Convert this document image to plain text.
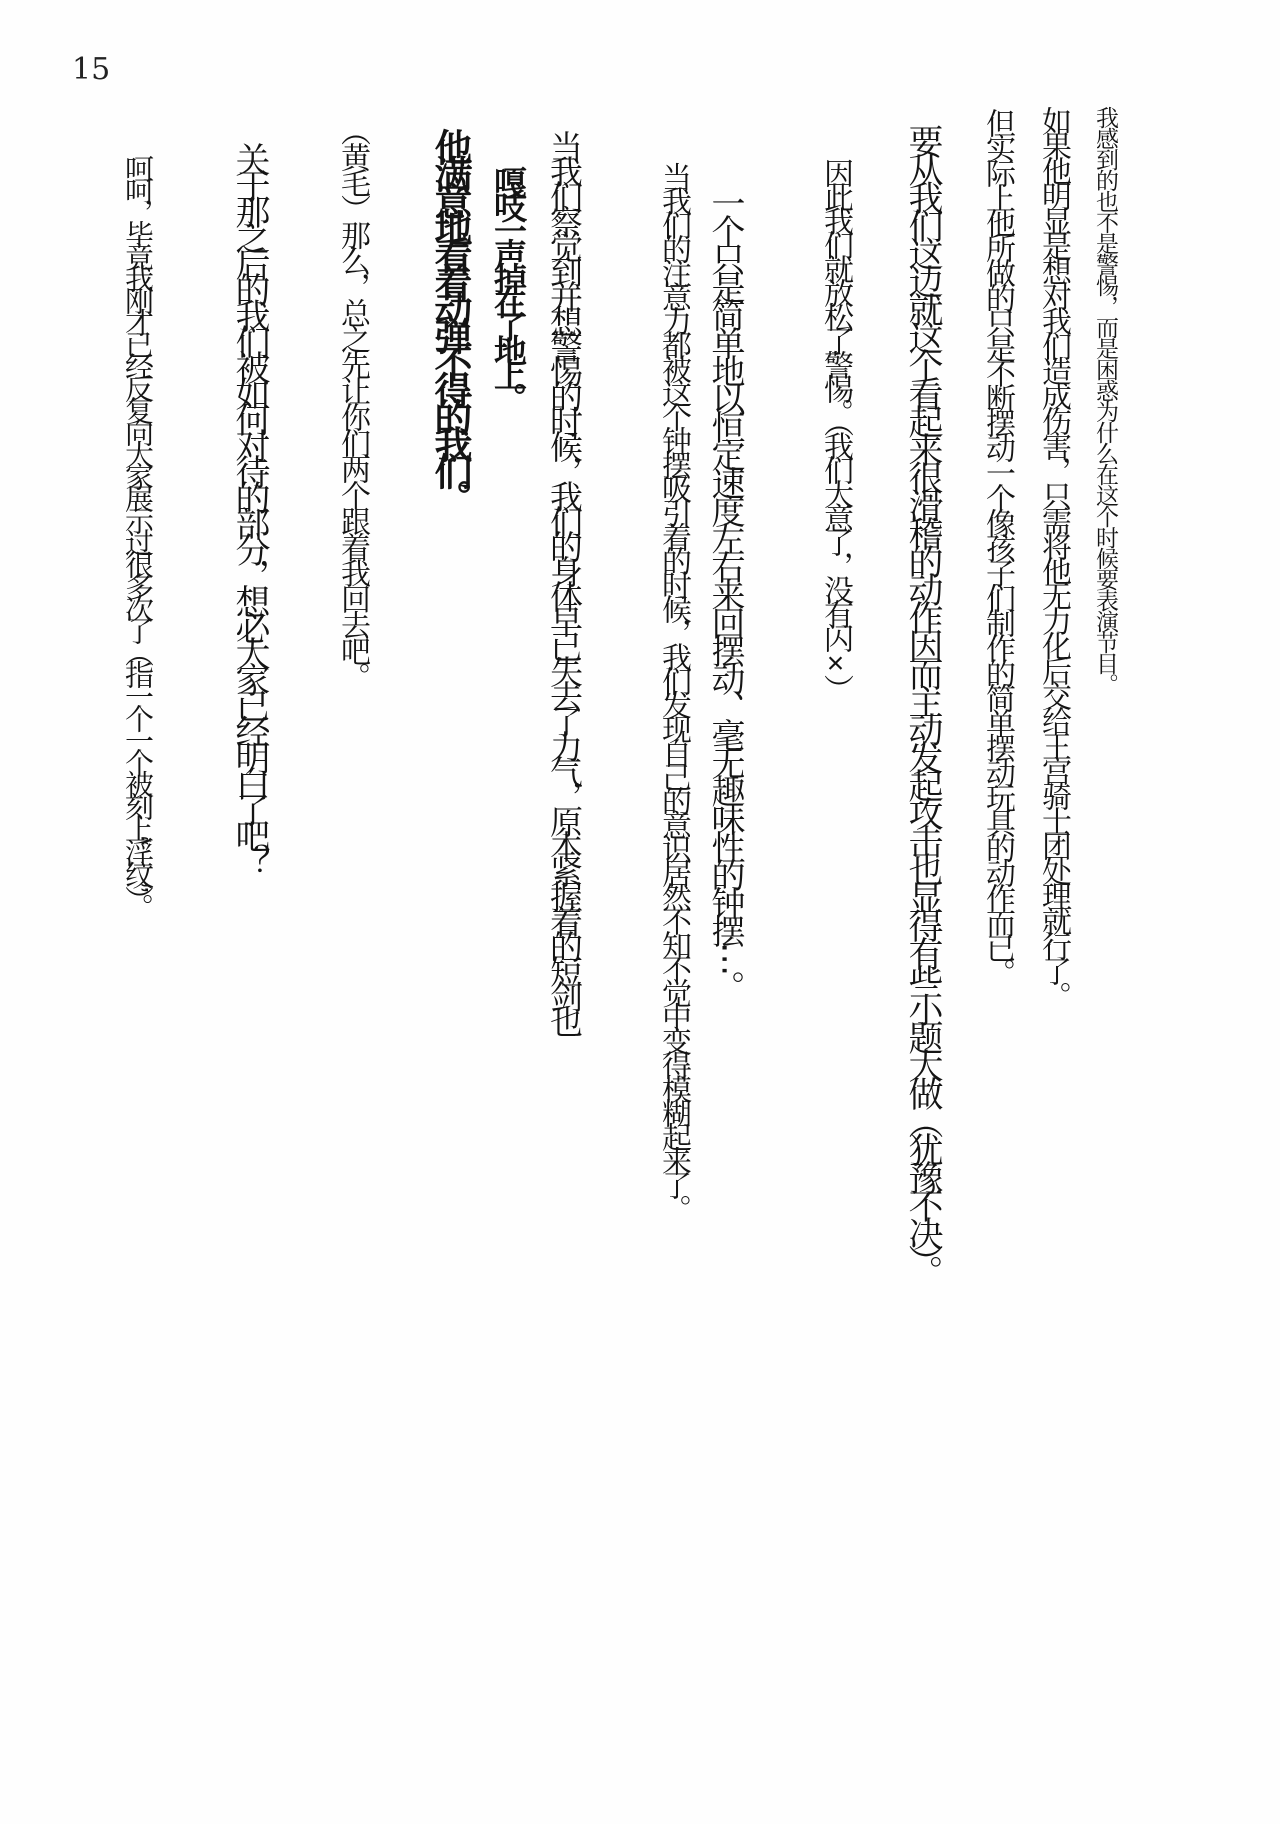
15
我感到的也不是警惕，而是困惑为什么在这个时候要表演节目。
如果他明显是想对我们造成伤害，只需将他无力化后交给王宫骑士团处理就行了。
但实际上他所做的只是不断摆动一个像孩子们制作的简单摆动玩具的动作而已。
要从我们这边就这个看起来很滑稽的动作因而主动发起攻击也显得有些小题大做（犹豫不决）。
因此我们就放松了警惕。（我们大意了，没有闪×）
一个只是简单地以恒定速度左右来回摆动、毫无趣味性的钟摆⋯。
当我们的注意力都被这个钟摆吸引着的时候，我们发现自己的意识居然不知不觉中变得模糊起来了。
当我们察觉到并想警惕的时候，我们的身体早已失去了力气，原本紧握着的短剑也
嘎吱一声掉在了地上。
他满意地看着动弹不得的我们。
（黄毛）那么，总之先让你们两个跟着我回去吧。
关于那之后的我们被如何对待的部分，想必大家已经明白了吧？
呵呵，毕竟我刚才已经反复向大家展示过很多次了（指一个一个被刻上“淫纹”）。
